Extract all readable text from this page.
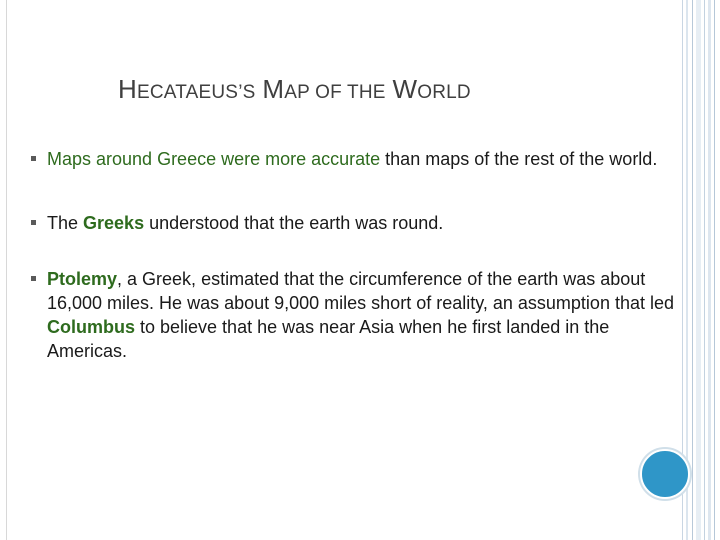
HECATAEUS’S MAP OF THE WORLD
Maps around Greece were more accurate than maps of the rest of the world.
The Greeks understood that the earth was round.
Ptolemy, a Greek, estimated that the circumference of the earth was about 16,000 miles. He was about 9,000 miles short of reality, an assumption that led Columbus to believe that he was near Asia when he first landed in the Americas.
